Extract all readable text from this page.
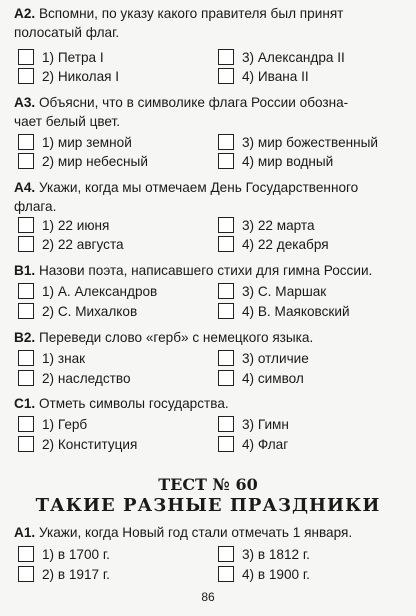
А2. Вспомни, по указу какого правителя был принят
полосатый флаг.
1) Петра I	3) Александра II
2) Николая I	4) Ивана II
А3. Объясни, что в символике флага России обозна-
чает белый цвет.
1) мир земной	3) мир божественный
2) мир небесный	4) мир водный
А4. Укажи, когда мы отмечаем День Государственного
флага.
1) 22 июня	3) 22 марта
2) 22 августа	4) 22 декабря
В1. Назови поэта, написавшего стихи для гимна России.
1) А. Александров	3) С. Маршак
2) С. Михалков	4) В. Маяковский
В2. Переведи слово «герб» с немецкого языка.
1) знак	3) отличие
2) наследство	4) символ
С1. Отметь символы государства.
1) Герб	3) Гимн
2) Конституция	4) Флаг
ТЕСТ № 60
ТАКИЕ РАЗНЫЕ ПРАЗДНИКИ
А1. Укажи, когда Новый год стали отмечать 1 января.
1) в 1700 г.	3) в 1812 г.
2) в 1917 г.	4) в 1900 г.
86
